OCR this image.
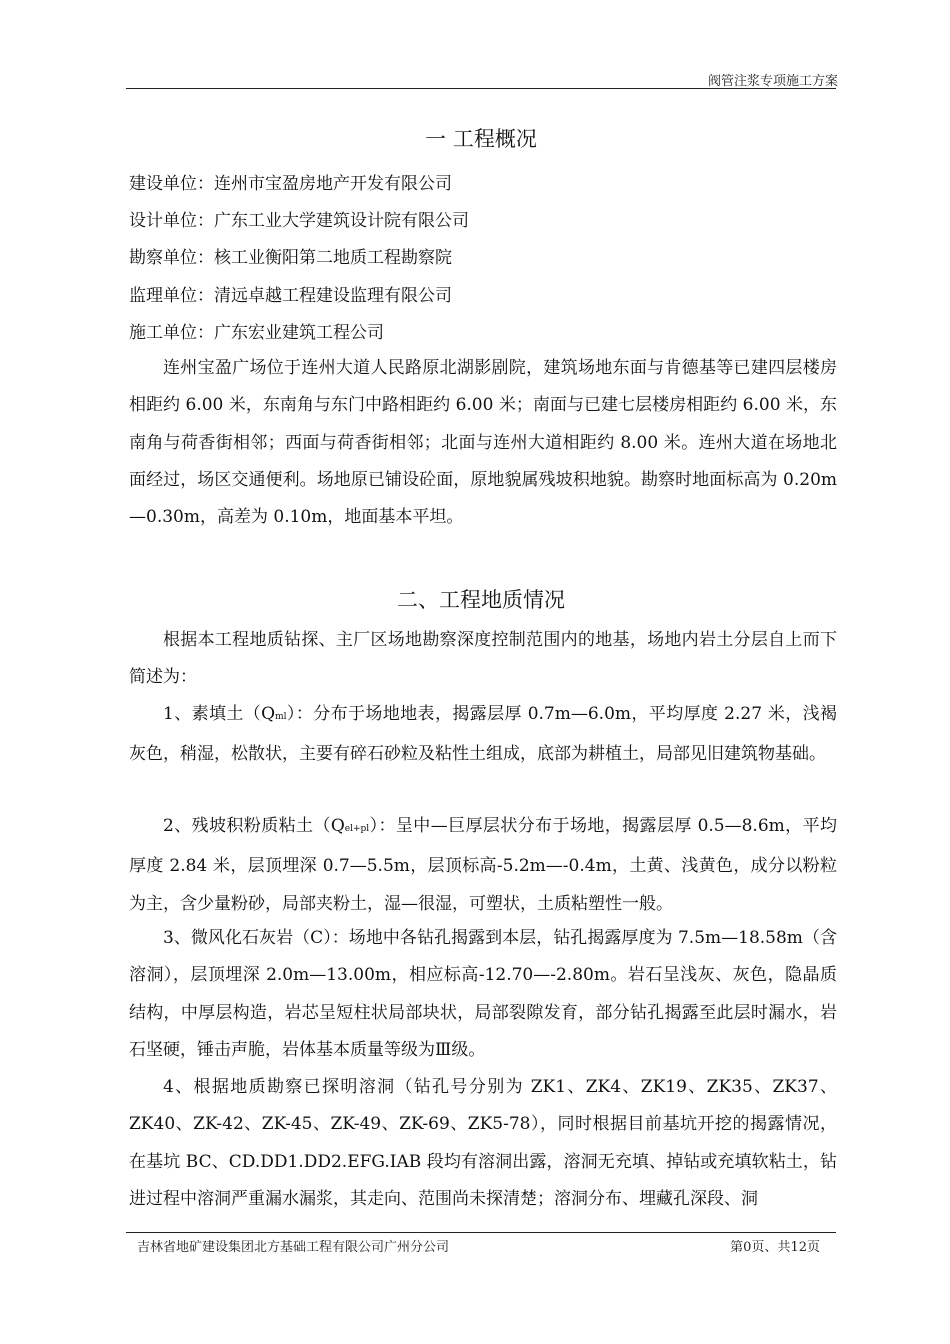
阀管注浆专项施工方案
一 工程概况
建设单位：连州市宝盈房地产开发有限公司
设计单位：广东工业大学建筑设计院有限公司
勘察单位：核工业衡阳第二地质工程勘察院
监理单位：清远卓越工程建设监理有限公司
施工单位：广东宏业建筑工程公司

连州宝盈广场位于连州大道人民路原北湖影剧院，建筑场地东面与肯德基等已建四层楼房相距约 6.00 米，东南角与东门中路相距约 6.00 米；南面与已建七层楼房相距约 6.00 米，东南角与荷香街相邻；西面与荷香街相邻；北面与连州大道相距约 8.00 米。连州大道在场地北面经过，场区交通便利。场地原已铺设砼面，原地貌属残坡积地貌。勘察时地面标高为 0.20m—0.30m，高差为 0.10m，地面基本平坦。

二、工程地质情况

根据本工程地质钻探、主厂区场地勘察深度控制范围内的地基，场地内岩土分层自上而下简述为：

1、素填土（Qml）：分布于场地地表，揭露层厚 0.7m—6.0m，平均厚度 2.27 米，浅褐灰色，稍湿，松散状，主要有碎石砂粒及粘性土组成，底部为耕植土，局部见旧建筑物基础。

2、残坡积粉质粘土（Qel+pl）：呈中—巨厚层状分布于场地，揭露层厚 0.5—8.6m，平均厚度 2.84 米，层顶埋深 0.7—5.5m，层顶标高-5.2m—-0.4m，土黄、浅黄色，成分以粉粒为主，含少量粉砂，局部夹粉土，湿—很湿，可塑状，土质粘塑性一般。

3、微风化石灰岩（C）：场地中各钻孔揭露到本层，钻孔揭露厚度为 7.5m—18.58m（含溶洞），层顶埋深 2.0m—13.00m，相应标高-12.70—-2.80m。岩石呈浅灰、灰色，隐晶质结构，中厚层构造，岩芯呈短柱状局部块状，局部裂隙发育，部分钻孔揭露至此层时漏水，岩石坚硬，锤击声脆，岩体基本质量等级为Ⅲ级。

4、根据地质勘察已探明溶洞（钻孔号分别为 ZK1、ZK4、ZK19、ZK35、ZK37、ZK40、ZK-42、ZK-45、ZK-49、ZK-69、ZK5-78），同时根据目前基坑开挖的揭露情况，在基坑 BC、CD.DD1.DD2.EFG.IAB 段均有溶洞出露，溶洞无充填、掉钻或充填软粘土，钻进过程中溶洞严重漏水漏浆，其走向、范围尚未探清楚；溶洞分布、埋藏孔深段、洞

吉林省地矿建设集团北方基础工程有限公司广州分公司	第0页、共12页
